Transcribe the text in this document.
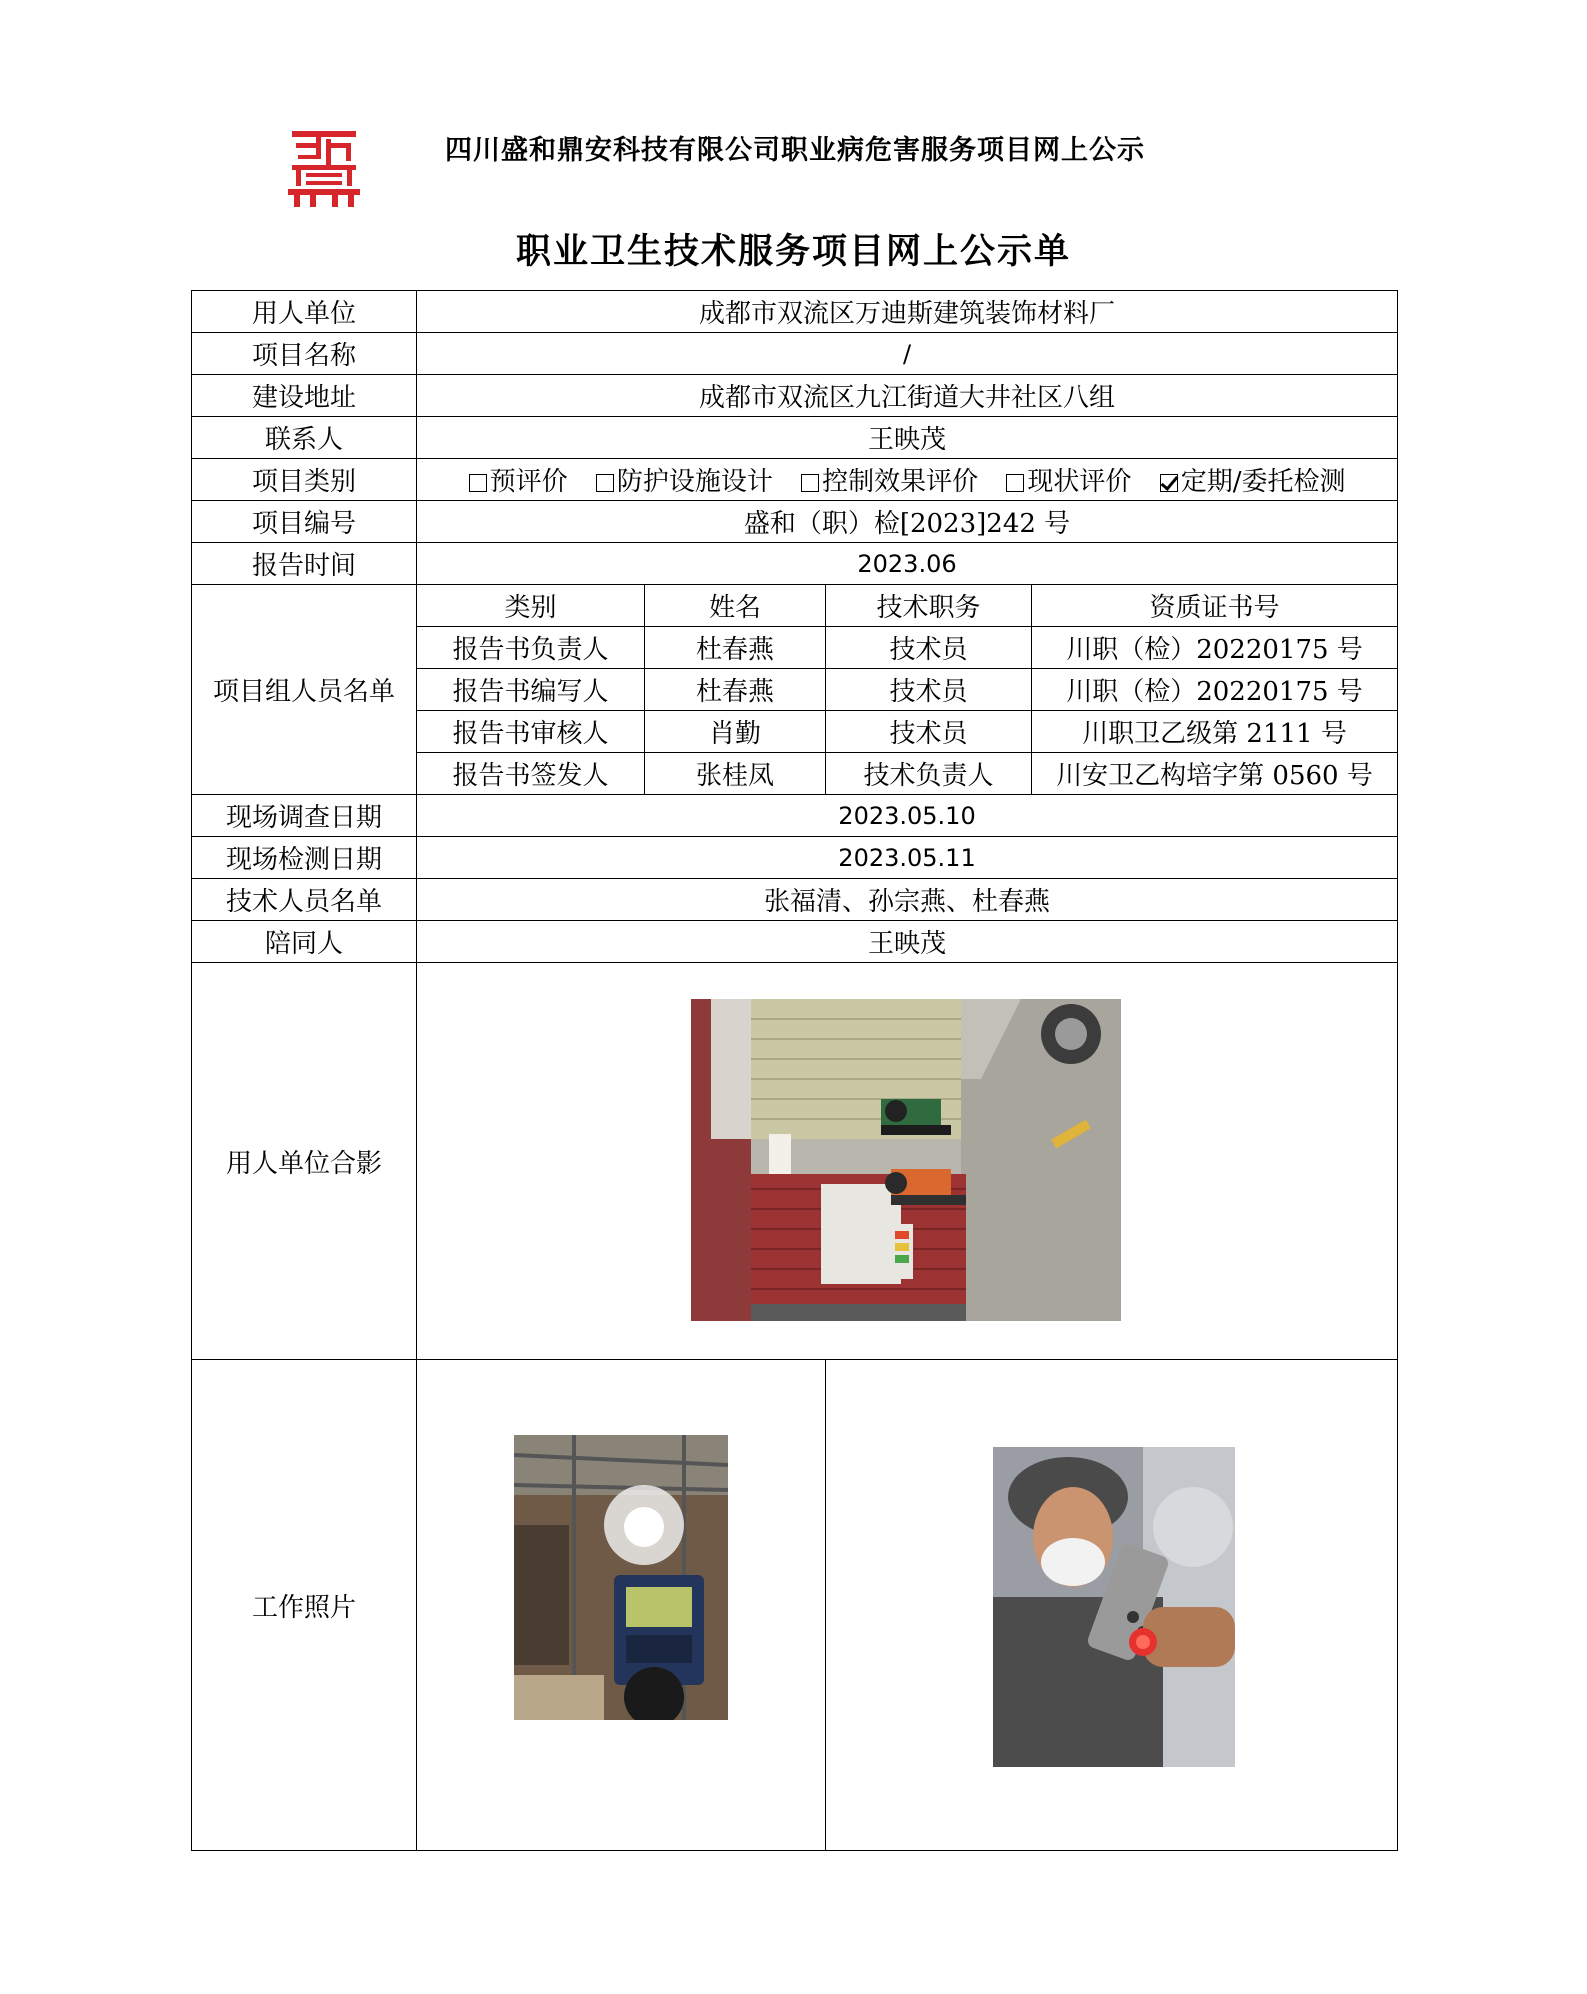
四川盛和鼎安科技有限公司职业病危害服务项目网上公示
职业卫生技术服务项目网上公示单
用人单位	成都市双流区万迪斯建筑装饰材料厂			
项目名称	/			
建设地址	成都市双流区九江街道大井社区八组			
联系人	王映茂			
项目类别	预评价 防护设施设计 控制效果评价 现状评价 定期/委托检测			
项目编号	盛和（职）检[2023]242 号			
报告时间	2023.06			
项目组人员名单	类别	姓名	技术职务	资质证书号
	报告书负责人	杜春燕	技术员	川职（检）20220175 号
	报告书编写人	杜春燕	技术员	川职（检）20220175 号
	报告书审核人	肖勤	技术员	川职卫乙级第 2111 号
	报告书签发人	张桂凤	技术负责人	川安卫乙构培字第 0560 号
现场调查日期	2023.05.10			
现场检测日期	2023.05.11			
技术人员名单	张福清、孙宗燕、杜春燕			
陪同人	王映茂			
用人单位合影	

工作照片	
